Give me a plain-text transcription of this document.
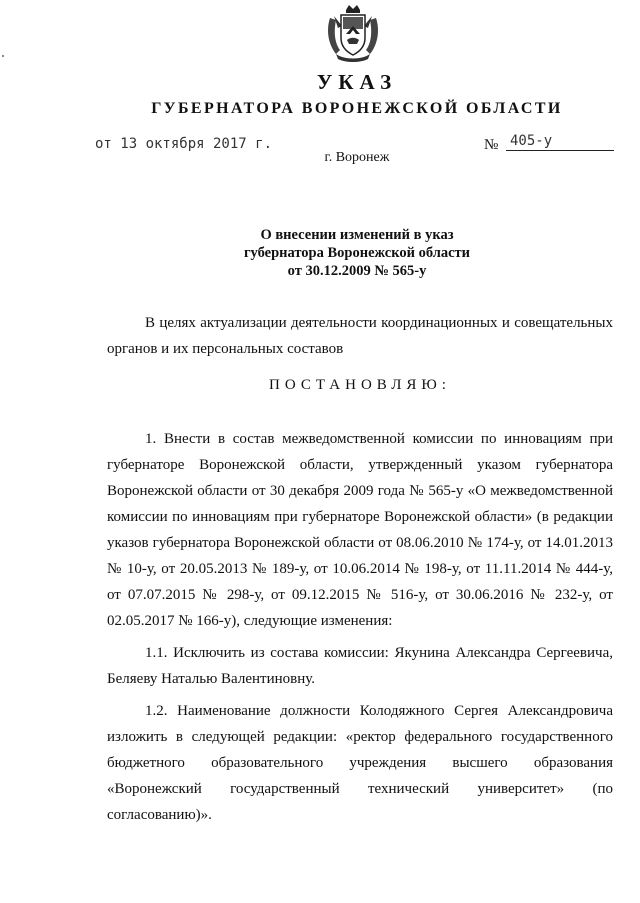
УКАЗ
ГУБЕРНАТОРА ВОРОНЕЖСКОЙ ОБЛАСТИ
от 13 октября 2017 г.	№ 405-у
г. Воронеж
О внесении изменений в указ
губернатора Воронежской области
от 30.12.2009 № 565-у

В целях актуализации деятельности координационных и совещательных органов и их персональных составов

ПОСТАНОВЛЯЮ:

1. Внести в состав межведомственной комиссии по инновациям при губернаторе Воронежской области, утвержденный указом губернатора Воронежской области от 30 декабря 2009 года № 565-у «О межведомственной комиссии по инновациям при губернаторе Воронежской области» (в редакции указов губернатора Воронежской области от 08.06.2010 № 174-у, от 14.01.2013 № 10-у, от 20.05.2013 № 189-у, от 10.06.2014 № 198-у, от 11.11.2014 № 444-у, от 07.07.2015 № 298-у, от 09.12.2015 № 516-у, от 30.06.2016 № 232-у, от 02.05.2017 № 166-у), следующие изменения:

1.1. Исключить из состава комиссии: Якунина Александра Сергеевича, Беляеву Наталью Валентиновну.

1.2. Наименование должности Колодяжного Сергея Александровича изложить в следующей редакции: «ректор федерального государственного бюджетного образовательного учреждения высшего образования «Воронежский государственный технический университет» (по согласованию)».
